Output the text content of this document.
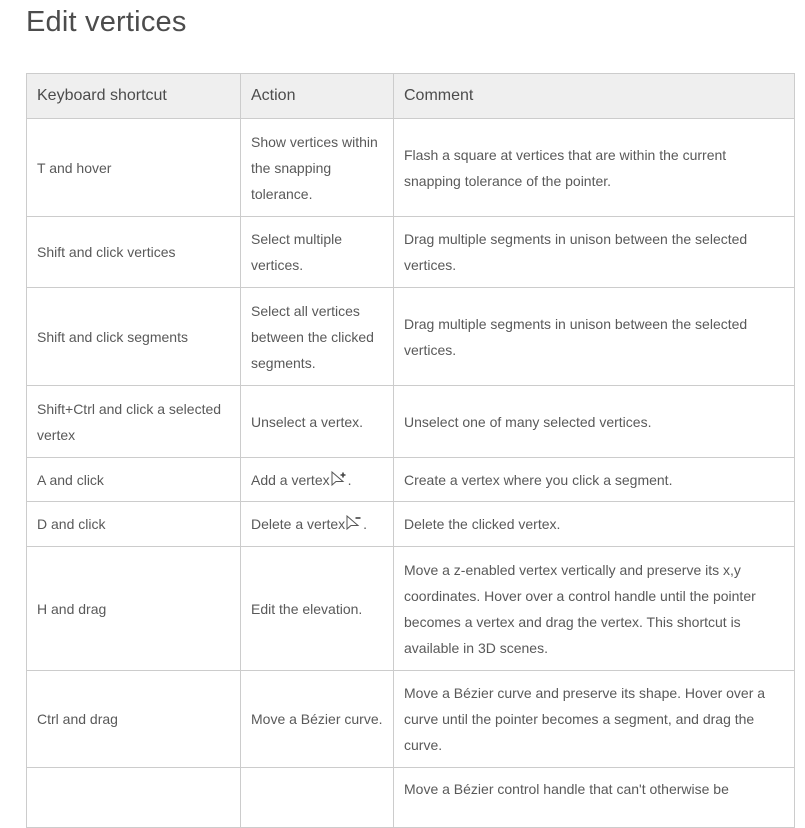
Edit vertices
Keyboard shortcut	Action	Comment
T and hover	Show vertices within the snapping tolerance.	Flash a square at vertices that are within the current snapping tolerance of the pointer.
Shift and click vertices	Select multiple vertices.	Drag multiple segments in unison between the selected vertices.
Shift and click segments	Select all vertices between the clicked segments.	Drag multiple segments in unison between the selected vertices.
Shift+Ctrl and click a selected vertex	Unselect a vertex.	Unselect one of many selected vertices.
A and click	Add a vertex .	Create a vertex where you click a segment.
D and click	Delete a vertex .	Delete the clicked vertex.
H and drag	Edit the elevation.	Move a z-enabled vertex vertically and preserve its x,y coordinates. Hover over a control handle until the pointer becomes a vertex and drag the vertex. This shortcut is available in 3D scenes.
Ctrl and drag	Move a Bézier curve.	Move a Bézier curve and preserve its shape. Hover over a curve until the pointer becomes a segment, and drag the curve.
		Move a Bézier control handle that can't otherwise be
